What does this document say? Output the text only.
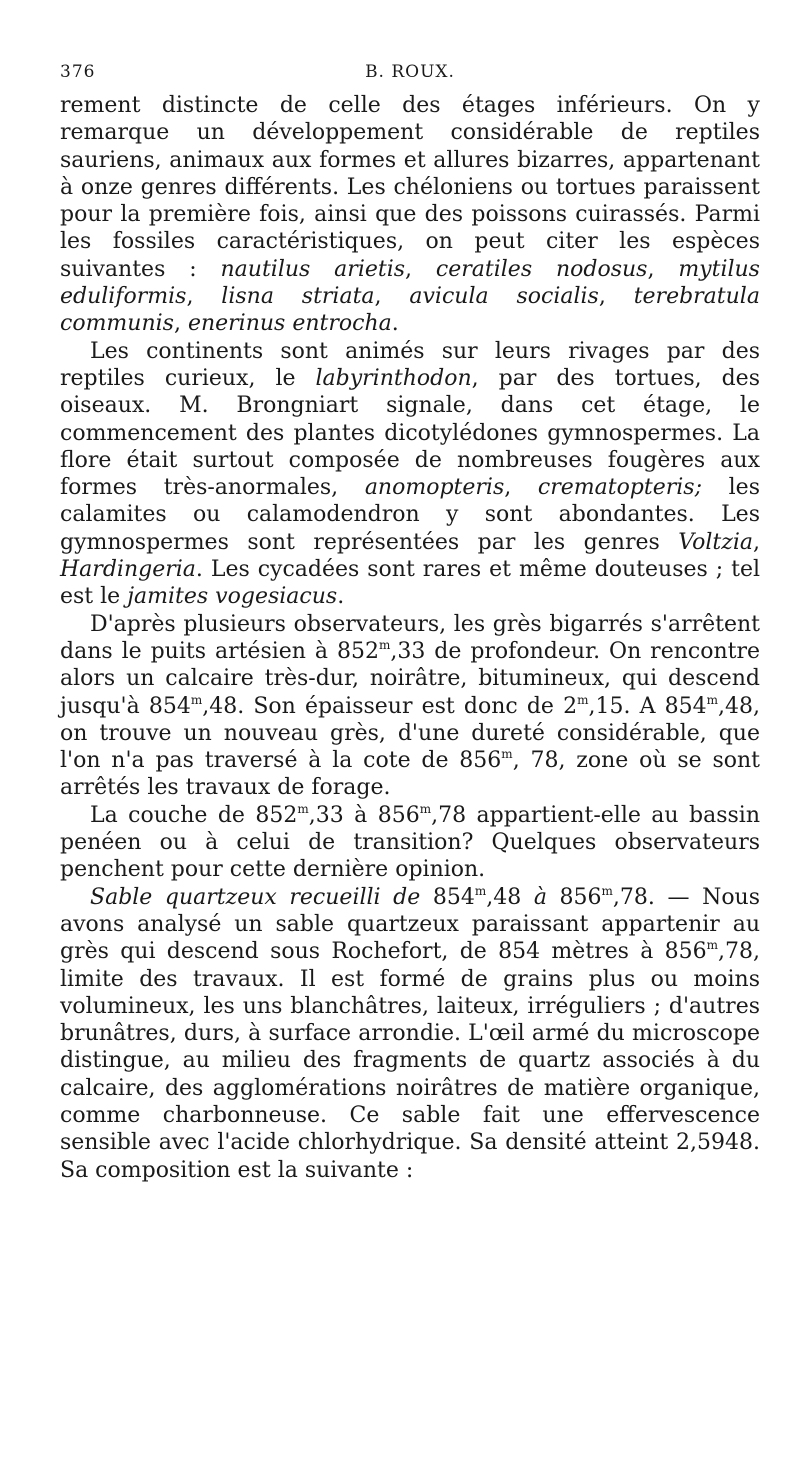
376	B. ROUX.

rement distincte de celle des étages inférieurs. On y remarque un développement considérable de reptiles sauriens, animaux aux formes et allures bizarres, appartenant à onze genres différents. Les chéloniens ou tortues paraissent pour la première fois, ainsi que des poissons cuirassés. Parmi les fossiles caractéristiques, on peut citer les espèces suivantes : nautilus arietis, ceratiles nodosus, mytilus eduliformis, lisna striata, avicula socialis, terebratula communis, enerinus entrocha.

Les continents sont animés sur leurs rivages par des reptiles curieux, le labyrinthodon, par des tortues, des oiseaux. M. Brongniart signale, dans cet étage, le commencement des plantes dicotylédones gymnospermes. La flore était surtout composée de nombreuses fougères aux formes très-anormales, anomopteris, crematopteris; les calamites ou calamodendron y sont abondantes. Les gymnospermes sont représentées par les genres Voltzia, Hardingeria. Les cycadées sont rares et même douteuses ; tel est le jamites vogesiacus.

D'après plusieurs observateurs, les grès bigarrés s'arrêtent dans le puits artésien à 852$^m$,33 de profondeur. On rencontre alors un calcaire très-dur, noirâtre, bitumineux, qui descend jusqu'à 854$^m$,48. Son épaisseur est donc de 2$^m$,15. A 854$^m$,48, on trouve un nouveau grès, d'une dureté considérable, que l'on n'a pas traversé à la cote de 856$^m$, 78, zone où se sont arrêtés les travaux de forage.

La couche de 852$^m$,33 à 856$^m$,78 appartient-elle au bassin penéen ou à celui de transition? Quelques observateurs penchent pour cette dernière opinion.

Sable quartzeux recueilli de 854$^m$,48 à 856$^m$,78. — Nous avons analysé un sable quartzeux paraissant appartenir au grès qui descend sous Rochefort, de 854 mètres à 856$^m$,78, limite des travaux. Il est formé de grains plus ou moins volumineux, les uns blanchâtres, laiteux, irréguliers ; d'autres brunâtres, durs, à surface arrondie. L'œil armé du microscope distingue, au milieu des fragments de quartz associés à du calcaire, des agglomérations noirâtres de matière organique, comme charbonneuse. Ce sable fait une effervescence sensible avec l'acide chlorhydrique. Sa densité atteint 2,5948. Sa composition est la suivante :
